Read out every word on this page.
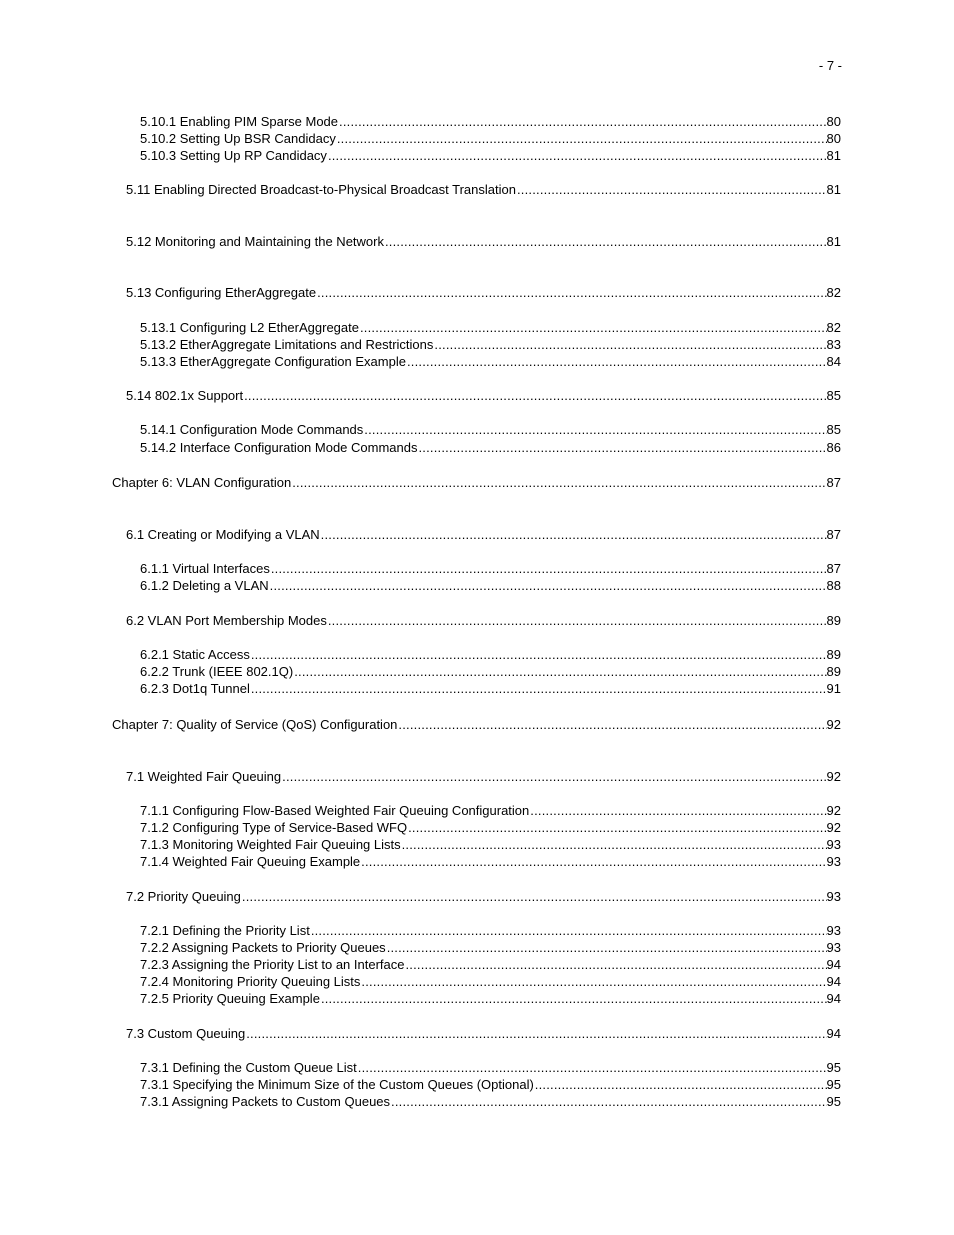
- 7 -
5.10.1 Enabling PIM Sparse Mode .....	80
5.10.2 Setting Up BSR Candidacy .....	80
5.10.3 Setting Up RP Candidacy .....	81
5.11 Enabling Directed Broadcast-to-Physical Broadcast Translation .....	81
5.12 Monitoring and Maintaining the Network .....	81
5.13 Configuring EtherAggregate .....	82
5.13.1 Configuring L2 EtherAggregate .....	82
5.13.2 EtherAggregate Limitations and Restrictions .....	83
5.13.3 EtherAggregate Configuration Example .....	84
5.14 802.1x Support .....	85
5.14.1 Configuration Mode Commands .....	85
5.14.2 Interface Configuration Mode Commands .....	86
Chapter 6: VLAN Configuration .....	87
6.1 Creating or Modifying a VLAN .....	87
6.1.1 Virtual Interfaces .....	87
6.1.2 Deleting a VLAN .....	88
6.2 VLAN Port Membership Modes .....	89
6.2.1 Static Access .....	89
6.2.2 Trunk (IEEE 802.1Q) .....	89
6.2.3 Dot1q Tunnel .....	91
Chapter 7: Quality of Service (QoS) Configuration .....	92
7.1 Weighted Fair Queuing .....	92
7.1.1 Configuring Flow-Based Weighted Fair Queuing Configuration .....	92
7.1.2 Configuring Type of Service-Based WFQ .....	92
7.1.3 Monitoring Weighted Fair Queuing Lists .....	93
7.1.4 Weighted Fair Queuing Example .....	93
7.2 Priority Queuing .....	93
7.2.1 Defining the Priority List .....	93
7.2.2 Assigning Packets to Priority Queues .....	93
7.2.3 Assigning the Priority List to an Interface .....	94
7.2.4 Monitoring Priority Queuing Lists .....	94
7.2.5 Priority Queuing Example .....	94
7.3 Custom Queuing .....	94
7.3.1 Defining the Custom Queue List .....	95
7.3.1 Specifying the Minimum Size of the Custom Queues (Optional) .....	95
7.3.1 Assigning Packets to Custom Queues .....	95
